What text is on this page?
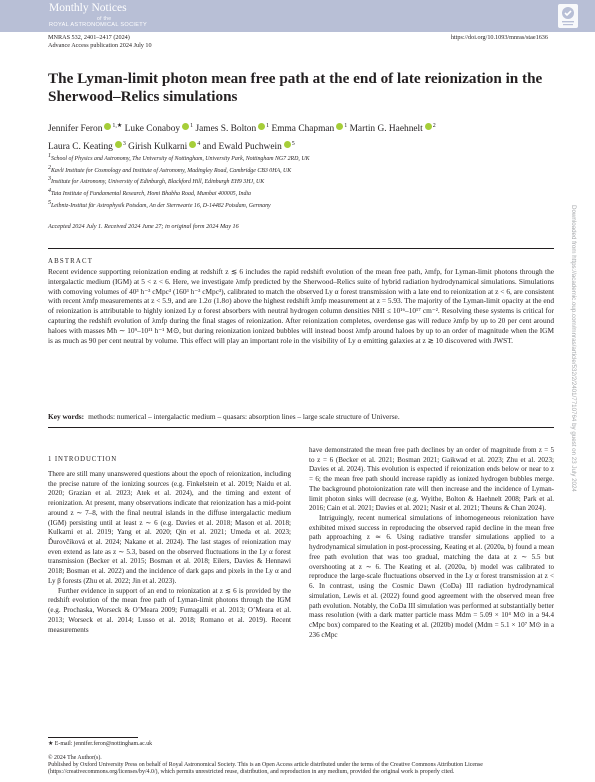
Monthly Notices
of the
ROYAL ASTRONOMICAL SOCIETY
MNRAS 532, 2401–2417 (2024)
Advance Access publication 2024 July 10
https://doi.org/10.1093/mnras/stae1636
The Lyman-limit photon mean free path at the end of late reionization in the Sherwood–Relics simulations
Jennifer Feron $^{1,★}$ Luke Conaboy $^1$ James S. Bolton $^1$ Emma Chapman $^1$ Martin G. Haehnelt $^2$
Laura C. Keating $^3$ Girish Kulkarni $^4$ and Ewald Puchwein $^5$
$^1$School of Physics and Astronomy, The University of Nottingham, University Park, Nottingham NG7 2RD, UK
$^2$Kavli Institute for Cosmology and Institute of Astronomy, Madingley Road, Cambridge CB3 0HA, UK
$^3$Institute for Astronomy, University of Edinburgh, Blackford Hill, Edinburgh EH9 3HJ, UK
$^4$Tata Institute of Fundamental Research, Homi Bhabha Road, Mumbai 400005, India
$^5$Leibniz-Institut für Astrophysik Potsdam, An der Sternwarte 16, D-14482 Potsdam, Germany
Accepted 2024 July 1. Received 2024 June 27; in original form 2024 May 16
ABSTRACT
Recent evidence supporting reionization ending at redshift z ≲ 6 includes the rapid redshift evolution of the mean free path, λmfp, for Lyman-limit photons through the intergalactic medium (IGM) at 5 < z < 6. Here, we investigate λmfp predicted by the Sherwood–Relics suite of hybrid radiation hydrodynamical simulations. Simulations with comoving volumes of 40³ h⁻³ cMpc³ (160³ h⁻³ cMpc³), calibrated to match the observed Ly α forest transmission with a late end to reionization at z < 6, are consistent with recent λmfp measurements at z < 5.9, and are 1.2σ (1.8σ) above the highest redshift λmfp measurement at z = 5.93. The majority of the Lyman-limit opacity at the end of reionization is attributable to highly ionized Ly α forest absorbers with neutral hydrogen column densities NHI ≤ 10¹⁶–10¹⁷ cm⁻². Resolving these systems is critical for capturing the redshift evolution of λmfp during the final stages of reionization. After reionization completes, overdense gas will reduce λmfp by up to 20 per cent around haloes with masses Mh ∼ 10⁹–10¹¹ h⁻¹ M⊙, but during reionization ionized bubbles will instead boost λmfp around haloes by up to an order of magnitude when the IGM is as much as 90 per cent neutral by volume. This effect will play an important role in the visibility of Ly α emitting galaxies at z ≳ 10 discovered with JWST.
Key words: methods: numerical – intergalactic medium – quasars: absorption lines – large scale structure of Universe.
1 INTRODUCTION

There are still many unanswered questions about the epoch of reionization, including the precise nature of the ionizing sources (e.g. Finkelstein et al. 2019; Naidu et al. 2020; Grazian et al. 2023; Atek et al. 2024), and the timing and extent of reionization. At present, many observations indicate that reionization has a mid-point around z ∼ 7–8, with the final neutral islands in the diffuse intergalactic medium (IGM) persisting until at least z ∼ 6 (e.g. Davies et al. 2018; Mason et al. 2018; Kulkarni et al. 2019; Yang et al. 2020; Qin et al. 2021; Umeda et al. 2023; Ďurovčíková et al. 2024; Nakane et al. 2024). The last stages of reionization may even extend as late as z ∼ 5.3, based on the observed fluctuations in the Ly α forest transmission (Becker et al. 2015; Bosman et al. 2018; Eilers, Davies & Hennawi 2018; Bosman et al. 2022) and the incidence of dark gaps and pixels in the Ly α and Ly β forests (Zhu et al. 2022; Jin et al. 2023).

Further evidence in support of an end to reionization at z ≲ 6 is provided by the redshift evolution of the mean free path of Lyman-limit photons through the IGM (e.g. Prochaska, Worseck & O’Meara 2009; Fumagalli et al. 2013; O’Meara et al. 2013; Worseck et al. 2014; Lusso et al. 2018; Romano et al. 2019). Recent measurements

have demonstrated the mean free path declines by an order of magnitude from z = 5 to z = 6 (Becker et al. 2021; Bosman 2021; Gaikwad et al. 2023; Zhu et al. 2023; Davies et al. 2024). This evolution is expected if reionization ends below or near to z = 6; the mean free path should increase rapidly as ionized hydrogen bubbles merge. The background photoionization rate will then increase and the incidence of Lyman-limit photon sinks will decrease (e.g. Wyithe, Bolton & Haehnelt 2008; Park et al. 2016; Cain et al. 2021; Davies et al. 2021; Nasir et al. 2021; Theuns & Chan 2024).

Intriguingly, recent numerical simulations of inhomogeneous reionization have exhibited mixed success in reproducing the observed rapid decline in the mean free path approaching z ≃ 6. Using radiative transfer simulations applied to a hydrodynamical simulation in post-processing, Keating et al. (2020a, b) found a mean free path evolution that was too gradual, matching the data at z ∼ 5.5 but overshooting at z ∼ 6. The Keating et al. (2020a, b) model was calibrated to reproduce the large-scale fluctuations observed in the Ly α forest transmission at z < 6. In contrast, using the Cosmic Dawn (CoDa) III radiation hydrodynamical simulation, Lewis et al. (2022) found good agreement with the observed mean free path evolution. Notably, the CoDa III simulation was performed at substantially better mass resolution (with a dark matter particle mass Mdm = 5.09 × 10⁴ M⊙ in a 94.4 cMpc box) compared to the Keating et al. (2020b) model (Mdm = 5.1 × 10⁷ M⊙ in a 236 cMpc

★ E-mail: jennifer.feron@nottingham.ac.uk
© 2024 The Author(s).
Published by Oxford University Press on behalf of Royal Astronomical Society. This is an Open Access article distributed under the terms of the Creative Commons Attribution License (https://creativecommons.org/licenses/by/4.0/), which permits unrestricted reuse, distribution, and reproduction in any medium, provided the original work is properly cited.
Downloaded from https://academic.oup.com/mnras/article/532/2/2401/7710764 by guest on 23 July 2024
